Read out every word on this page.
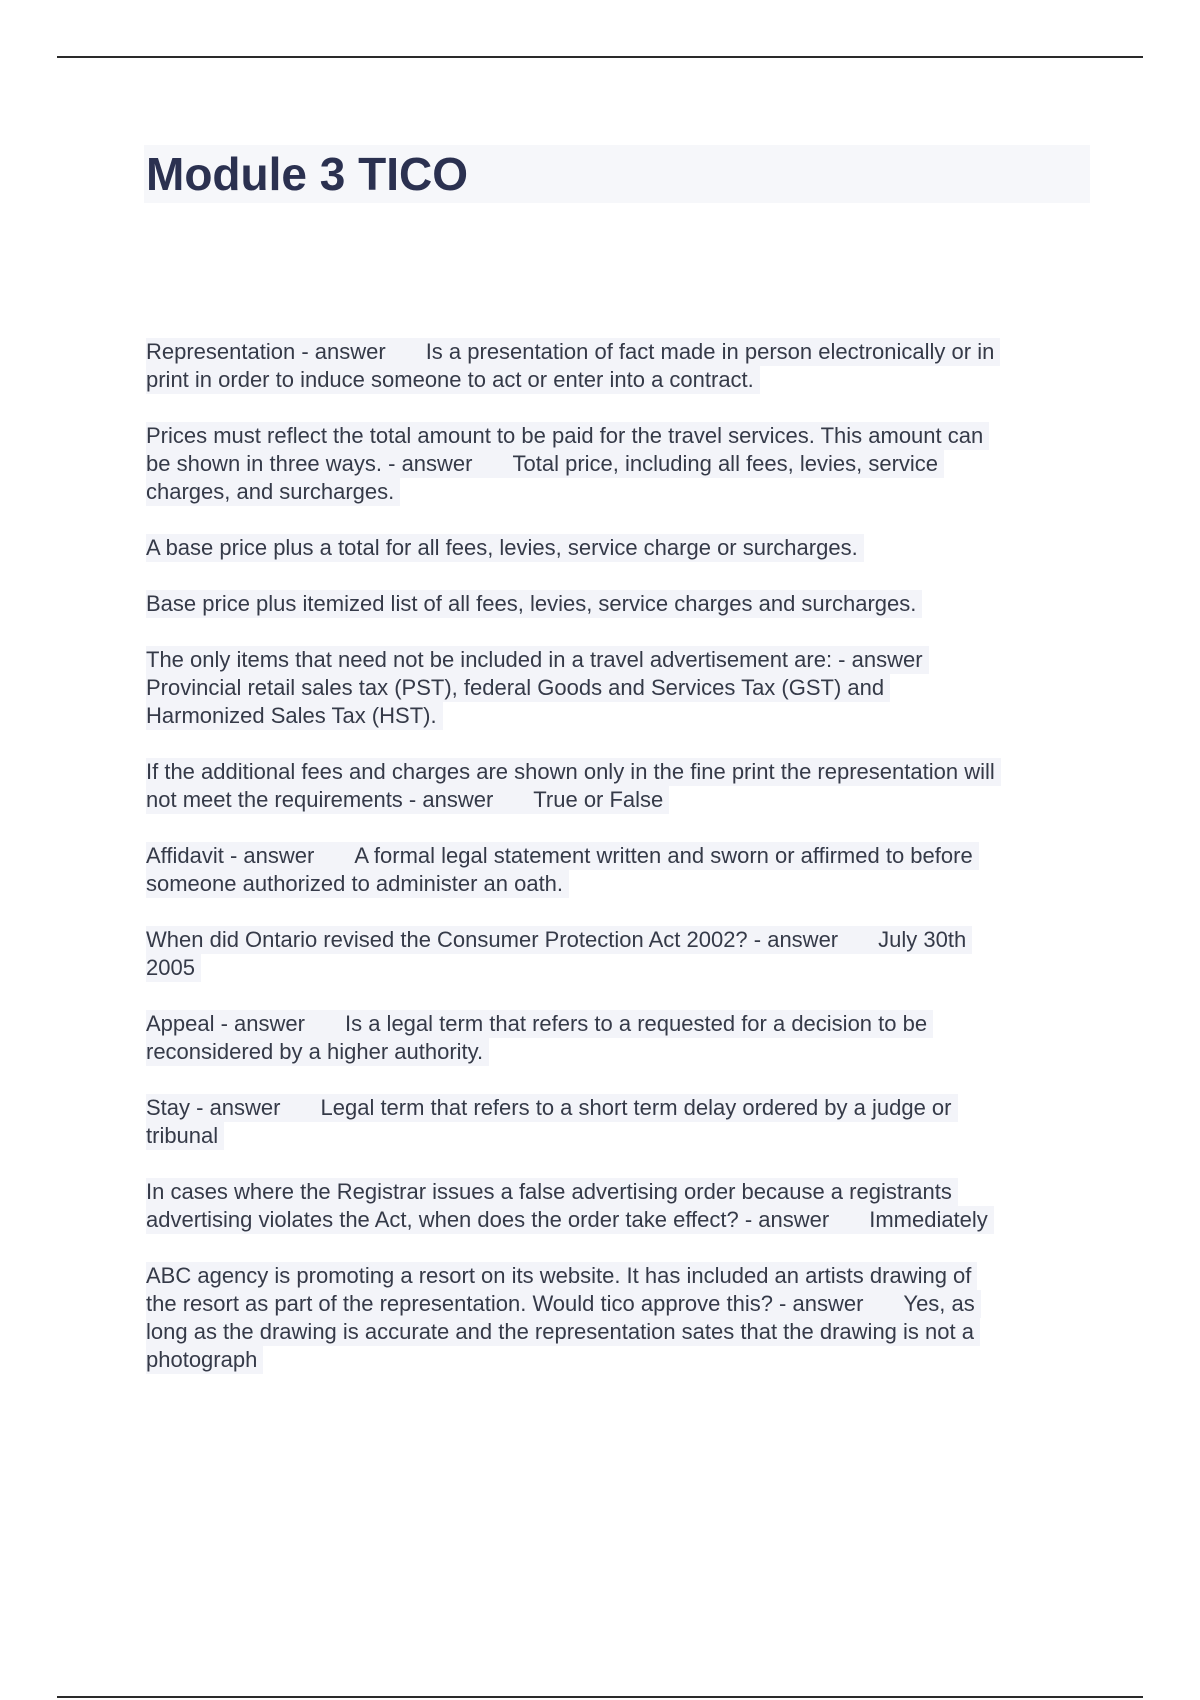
Module 3 TICO
Representation - answer Is a presentation of fact made in person electronically or in
print in order to induce someone to act or enter into a contract.

Prices must reflect the total amount to be paid for the travel services. This amount can
be shown in three ways. - answer Total price, including all fees, levies, service
charges, and surcharges.

A base price plus a total for all fees, levies, service charge or surcharges.

Base price plus itemized list of all fees, levies, service charges and surcharges.

The only items that need not be included in a travel advertisement are: - answer
Provincial retail sales tax (PST), federal Goods and Services Tax (GST) and
Harmonized Sales Tax (HST).

If the additional fees and charges are shown only in the fine print the representation will
not meet the requirements - answer True or False

Affidavit - answer A formal legal statement written and sworn or affirmed to before
someone authorized to administer an oath.

When did Ontario revised the Consumer Protection Act 2002? - answer July 30th
2005

Appeal - answer Is a legal term that refers to a requested for a decision to be
reconsidered by a higher authority.

Stay - answer Legal term that refers to a short term delay ordered by a judge or
tribunal

In cases where the Registrar issues a false advertising order because a registrants
advertising violates the Act, when does the order take effect? - answer Immediately

ABC agency is promoting a resort on its website. It has included an artists drawing of
the resort as part of the representation. Would tico approve this? - answer Yes, as
long as the drawing is accurate and the representation sates that the drawing is not a
photograph
